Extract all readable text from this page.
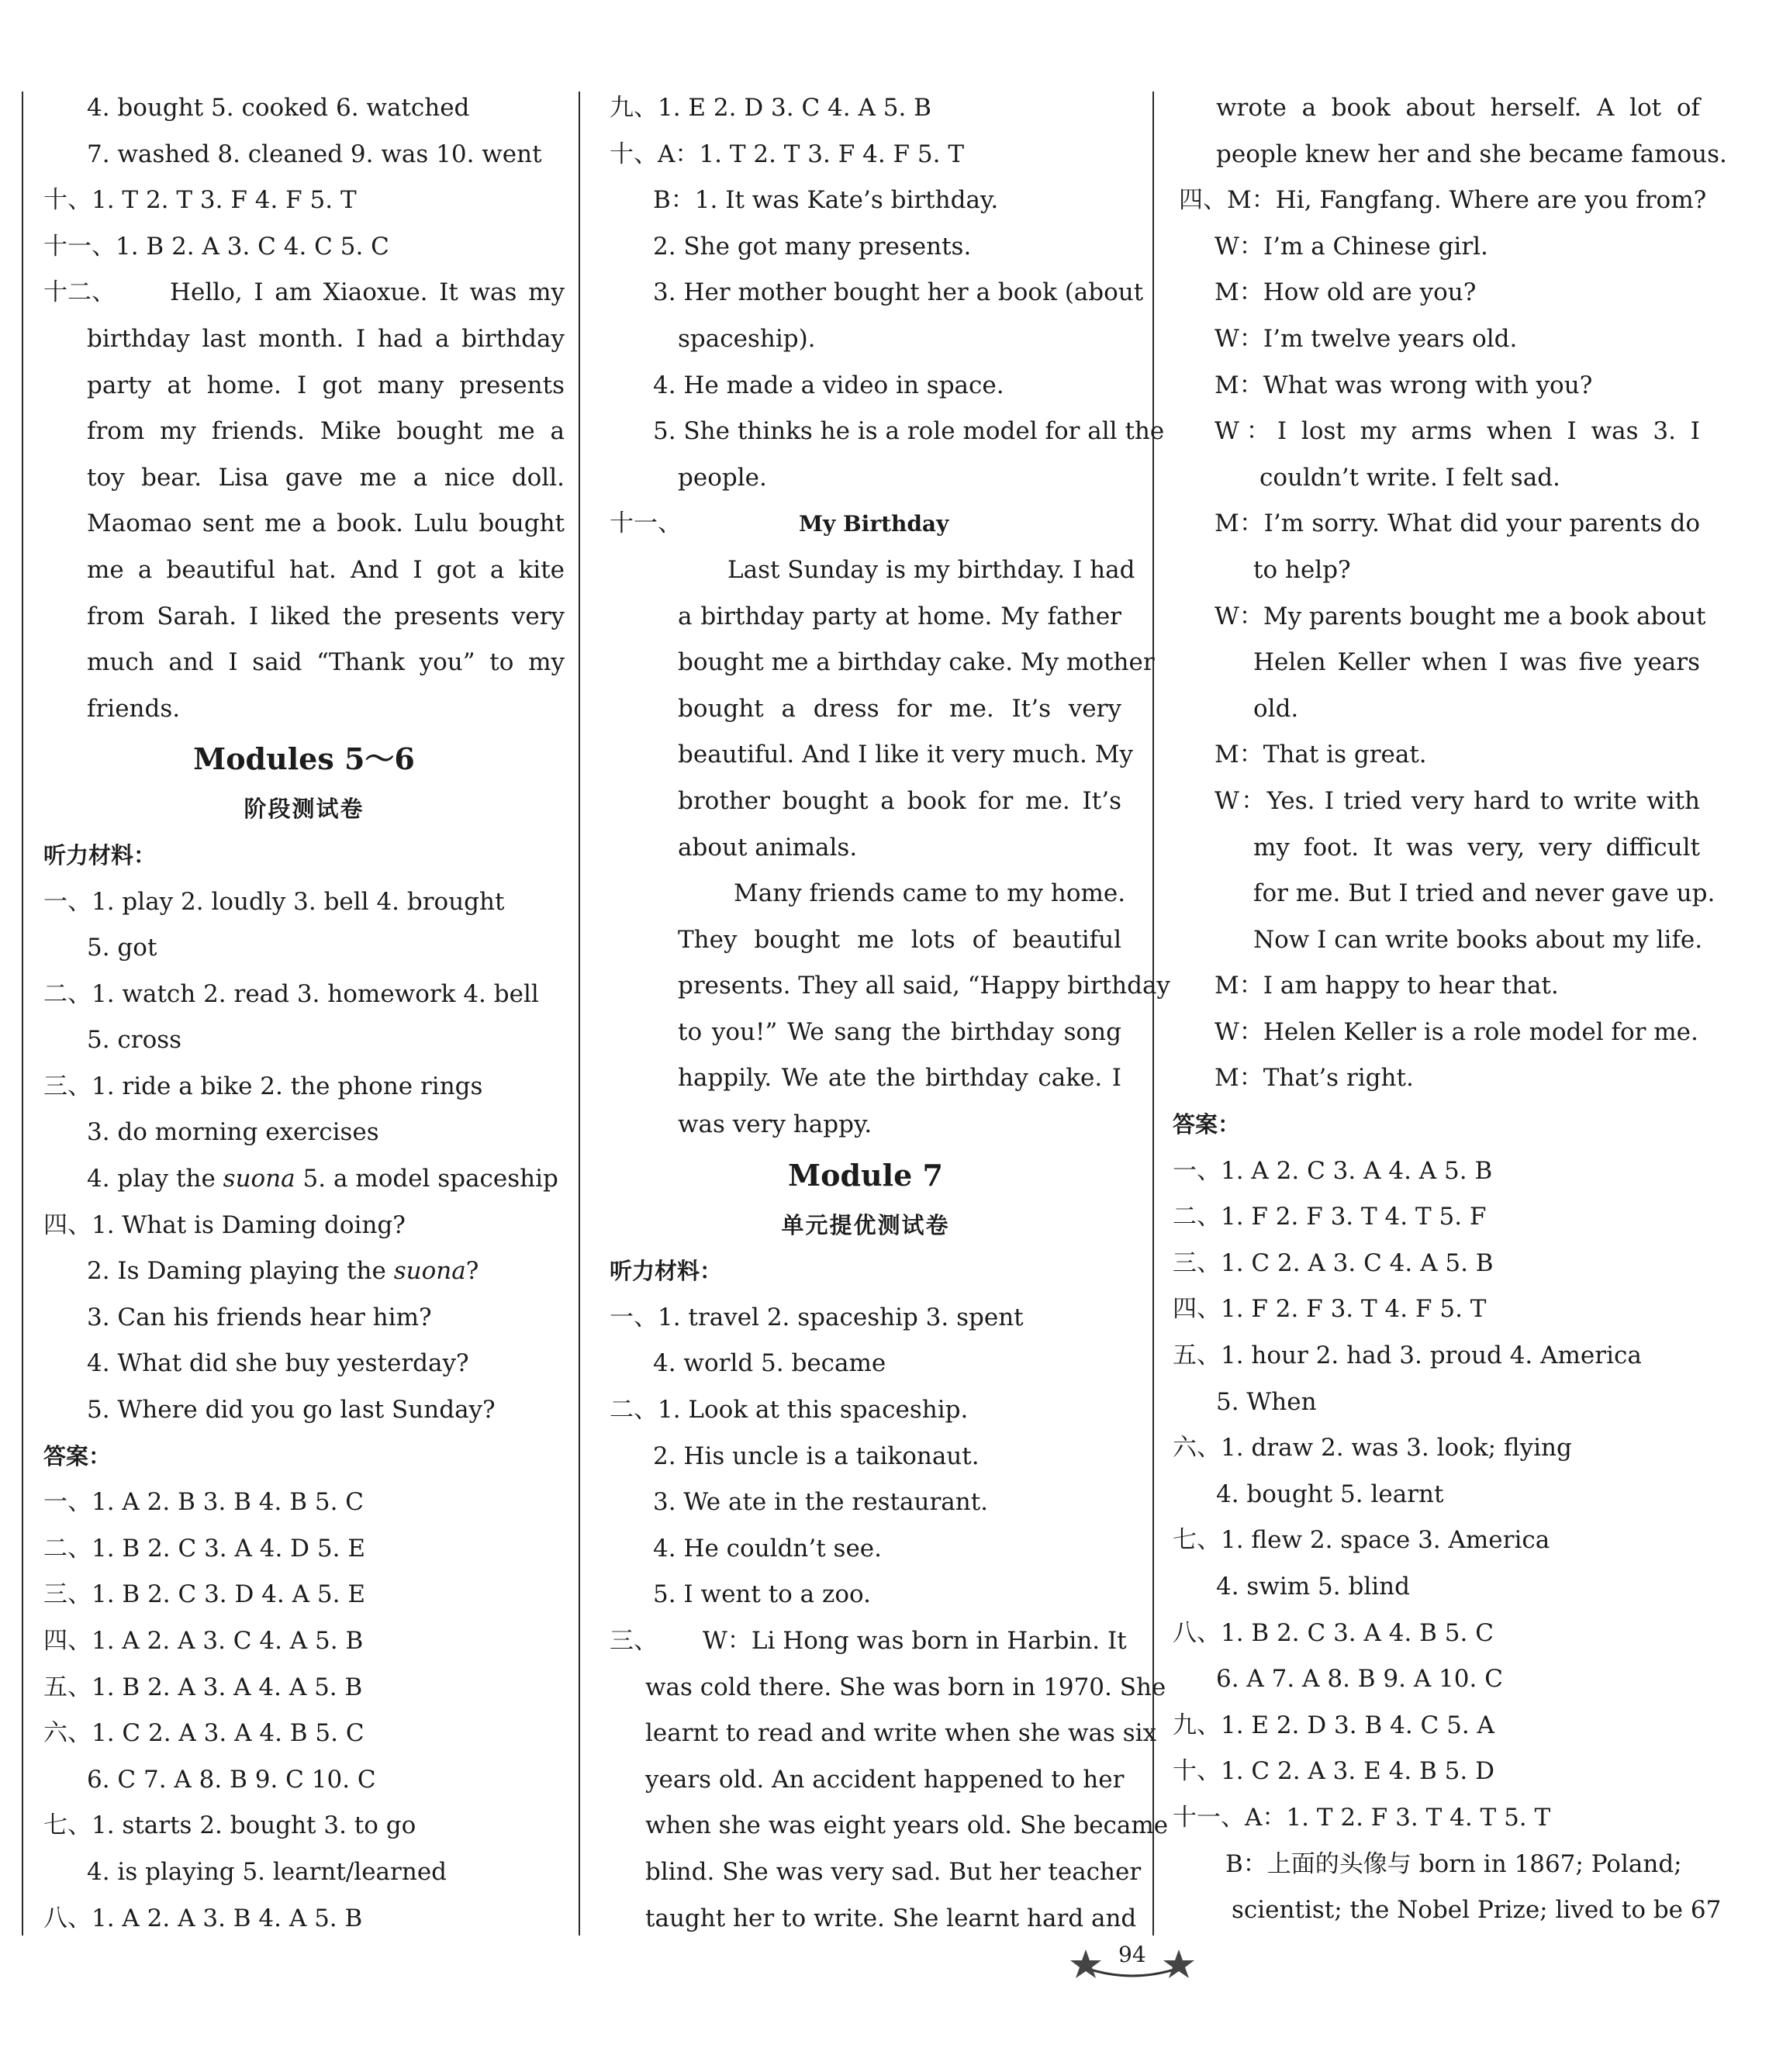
4. bought 5. cooked 6. watched
7. washed 8. cleaned 9. was 10. went
十、1. T 2. T 3. F 4. F 5. T
十一、1. B 2. A 3. C 4. C 5. C
十二、 Hello, I am Xiaoxue. It was my
birthday last month. I had a birthday
party at home. I got many presents
from my friends. Mike bought me a
toy bear. Lisa gave me a nice doll.
Maomao sent me a book. Lulu bought
me a beautiful hat. And I got a kite
from Sarah. I liked the presents very
much and I said “Thank you” to my
friends.
Modules 5～6
阶段测试卷
听力材料：
一、1. play 2. loudly 3. bell 4. brought
5. got
二、1. watch 2. read 3. homework 4. bell
5. cross
三、1. ride a bike 2. the phone rings
3. do morning exercises
4. play the suona 5. a model spaceship
四、1. What is Daming doing?
2. Is Daming playing the suona?
3. Can his friends hear him?
4. What did she buy yesterday?
5. Where did you go last Sunday?
答案：
一、1. A 2. B 3. B 4. B 5. C
二、1. B 2. C 3. A 4. D 5. E
三、1. B 2. C 3. D 4. A 5. E
四、1. A 2. A 3. C 4. A 5. B
五、1. B 2. A 3. A 4. A 5. B
六、1. C 2. A 3. A 4. B 5. C
6. C 7. A 8. B 9. C 10. C
七、1. starts 2. bought 3. to go
4. is playing 5. learnt/learned
八、1. A 2. A 3. B 4. A 5. B
九、1. E 2. D 3. C 4. A 5. B
十、A：1. T 2. T 3. F 4. F 5. T
B：1. It was Kate’s birthday.
2. She got many presents.
3. Her mother bought her a book (about
spaceship).
4. He made a video in space.
5. She thinks he is a role model for all the
people.
十一、	My Birthday
Last Sunday is my birthday. I had
a birthday party at home. My father
bought me a birthday cake. My mother
bought a dress for me. It’s very
beautiful. And I like it very much. My
brother bought a book for me. It’s
about animals.
Many friends came to my home.
They bought me lots of beautiful
presents. They all said, “Happy birthday
to you!” We sang the birthday song
happily. We ate the birthday cake. I
was very happy.
Module 7
单元提优测试卷
听力材料：
一、1. travel 2. spaceship 3. spent
4. world 5. became
二、1. Look at this spaceship.
2. His uncle is a taikonaut.
3. We ate in the restaurant.
4. He couldn’t see.
5. I went to a zoo.
三、 W：Li Hong was born in Harbin. It
was cold there. She was born in 1970. She
learnt to read and write when she was six
years old. An accident happened to her
when she was eight years old. She became
blind. She was very sad. But her teacher
taught her to write. She learnt hard and
wrote a book about herself. A lot of
people knew her and she became famous.
四、M：Hi, Fangfang. Where are you from?
W：I’m a Chinese girl.
M：How old are you?
W：I’m twelve years old.
M：What was wrong with you?
W：I lost my arms when I was 3. I
couldn’t write. I felt sad.
M：I’m sorry. What did your parents do
to help?
W：My parents bought me a book about
Helen Keller when I was five years
old.
M：That is great.
W：Yes. I tried very hard to write with
my foot. It was very, very difficult
for me. But I tried and never gave up.
Now I can write books about my life.
M：I am happy to hear that.
W：Helen Keller is a role model for me.
M：That’s right.
答案：
一、1. A 2. C 3. A 4. A 5. B
二、1. F 2. F 3. T 4. T 5. F
三、1. C 2. A 3. C 4. A 5. B
四、1. F 2. F 3. T 4. F 5. T
五、1. hour 2. had 3. proud 4. America
5. When
六、1. draw 2. was 3. look; flying
4. bought 5. learnt
七、1. flew 2. space 3. America
4. swim 5. blind
八、1. B 2. C 3. A 4. B 5. C
6. A 7. A 8. B 9. A 10. C
九、1. E 2. D 3. B 4. C 5. A
十、1. C 2. A 3. E 4. B 5. D
十一、A：1. T 2. F 3. T 4. T 5. T
B：上面的头像与 born in 1867; Poland;
scientist; the Nobel Prize; lived to be 67
94
